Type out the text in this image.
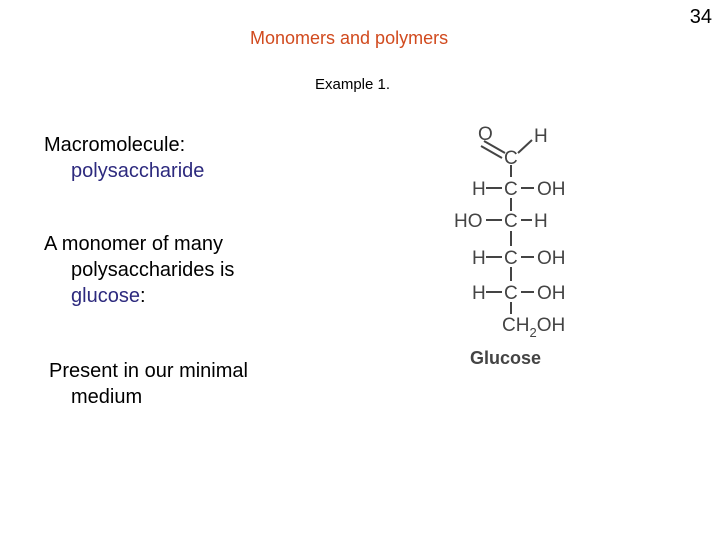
Monomers and polymers
34
Example 1.
Macromolecule:
polysaccharide
A monomer of many
polysaccharides is
glucose:
Present in our minimal
medium
O H
C
H C OH
HO C H
H C OH
H C OH
$CH_2OH$
Glucose
